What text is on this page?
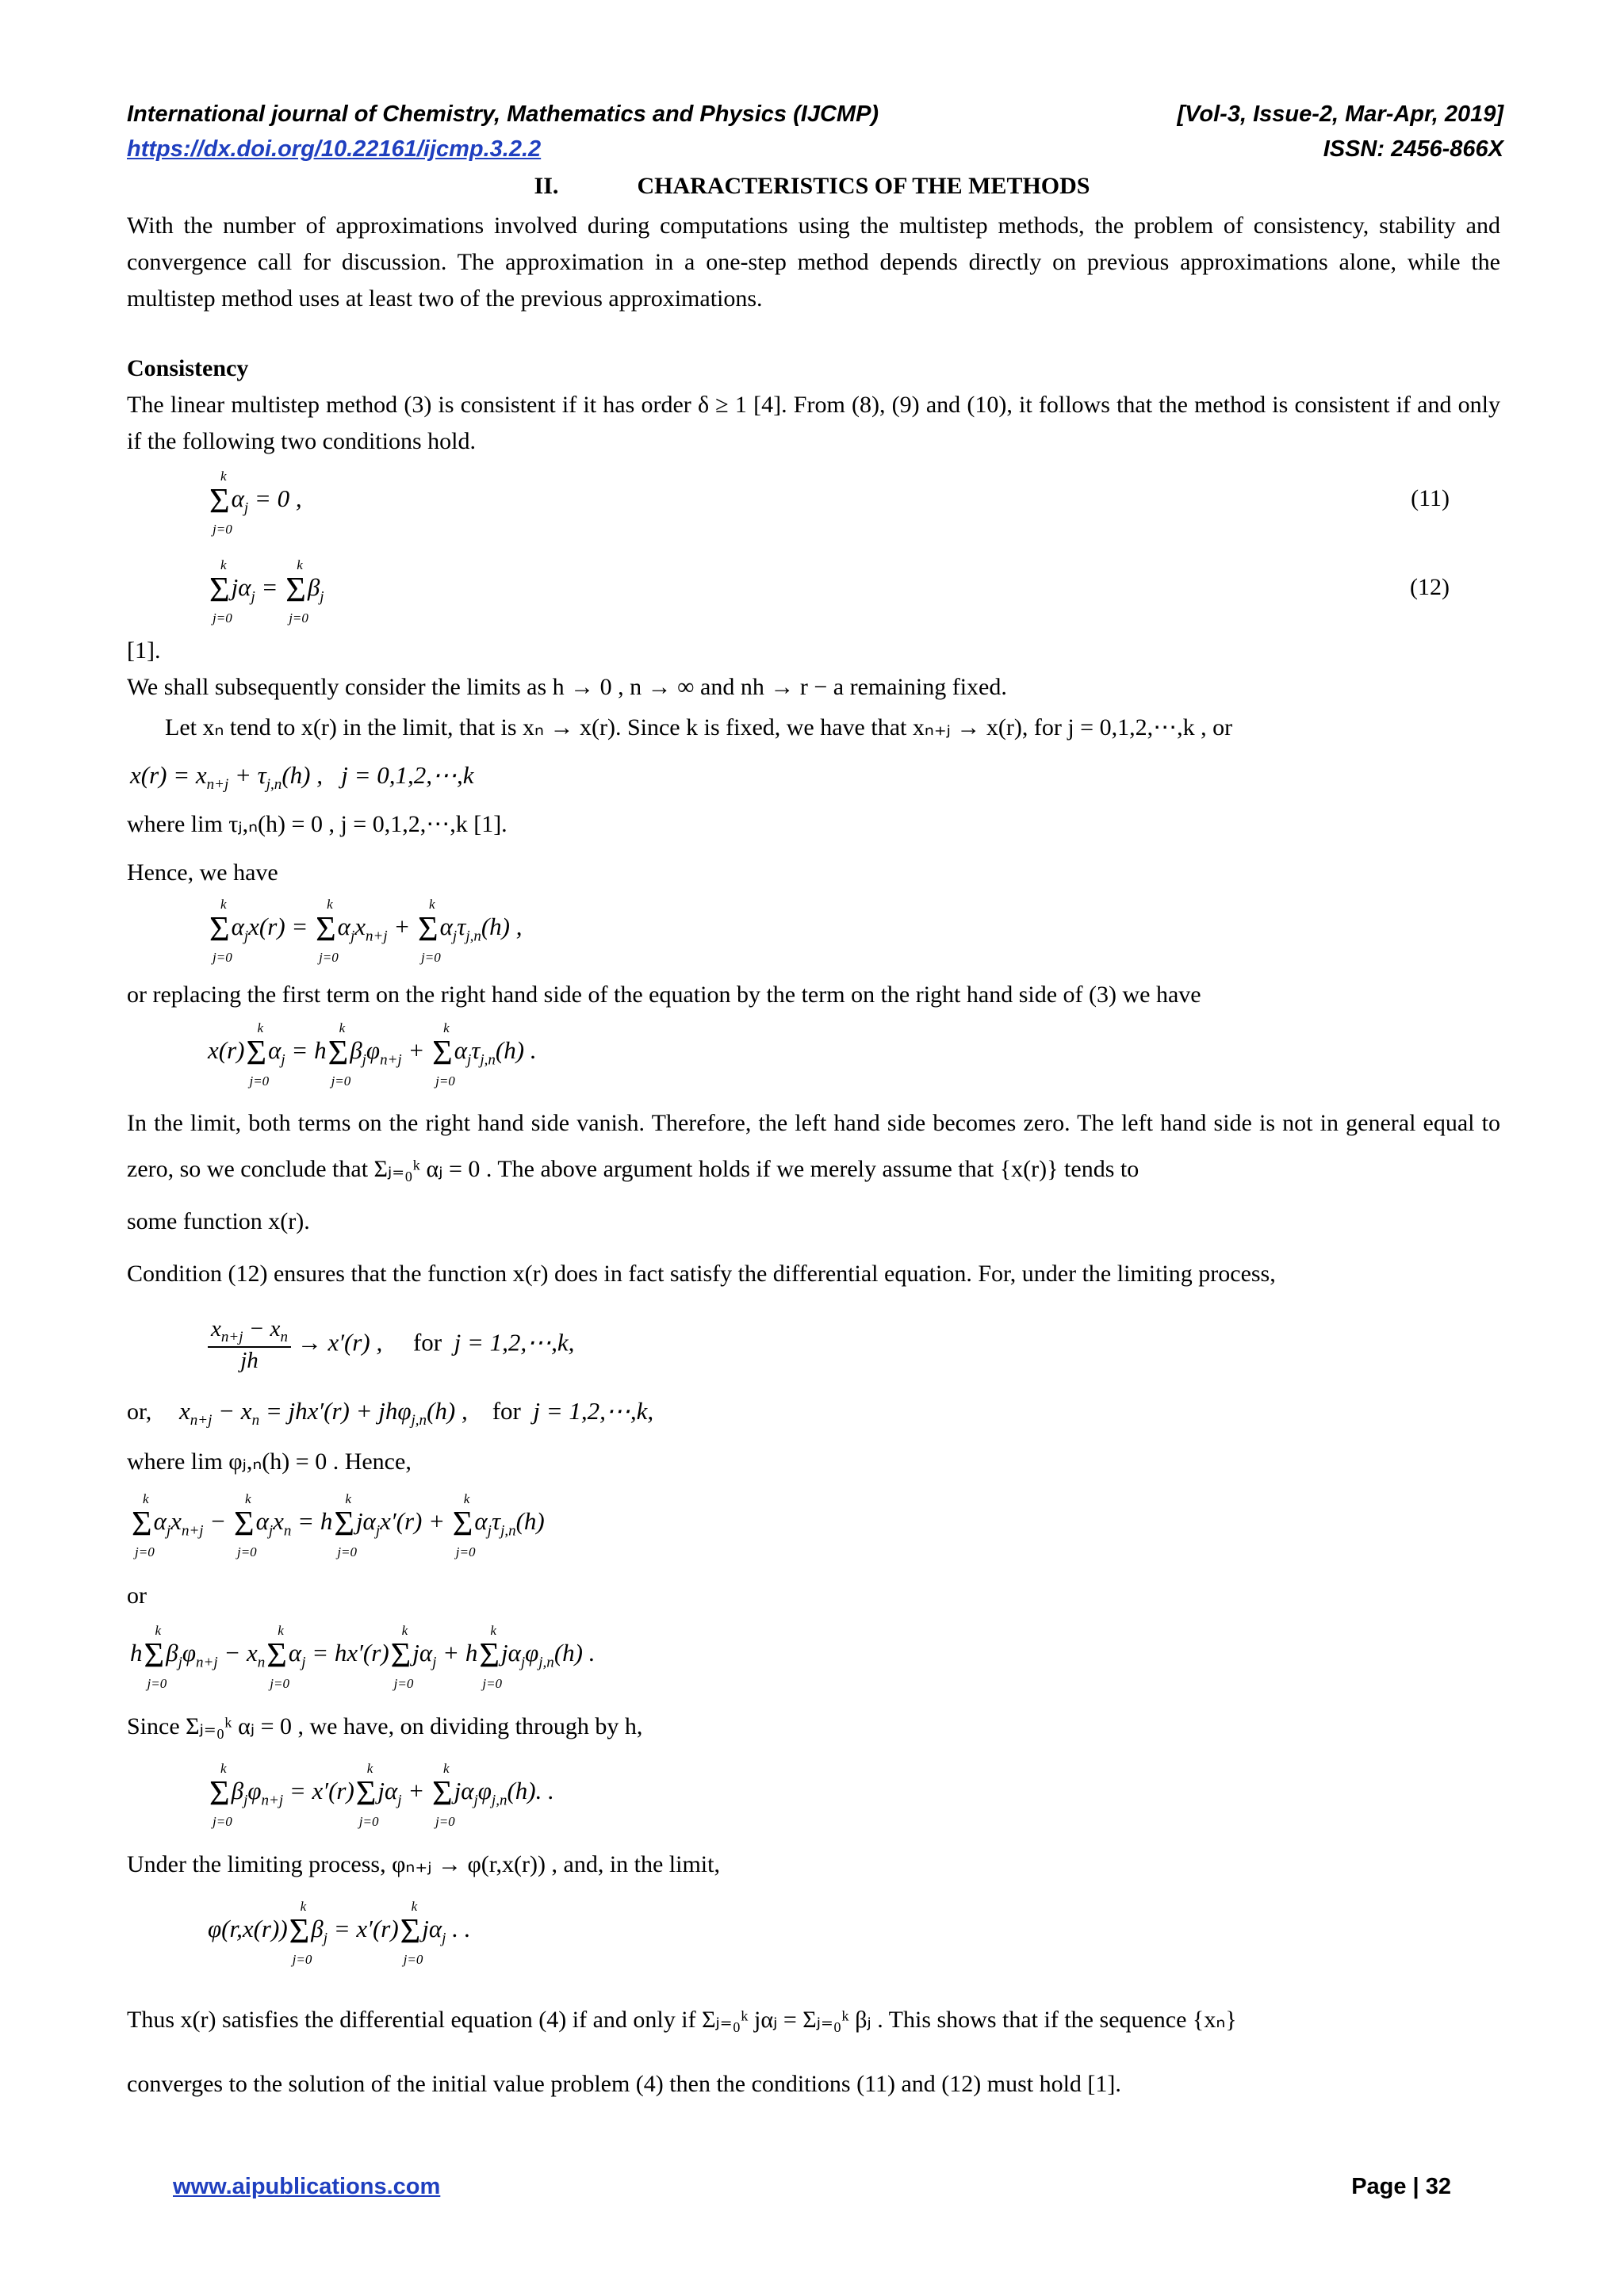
International journal of Chemistry, Mathematics and Physics (IJCMP)	[Vol-3, Issue-2, Mar-Apr, 2019]
https://dx.doi.org/10.22161/ijcmp.3.2.2	ISSN: 2456-866X
II.	CHARACTERISTICS OF THE METHODS

With the number of approximations involved during computations using the multistep methods, the problem of consistency, stability and convergence call for discussion. The approximation in a one-step method depends directly on previous approximations alone, while the multistep method uses at least two of the previous approximations.

Consistency

The linear multistep method (3) is consistent if it has order δ ≥ 1 [4]. From (8), (9) and (10), it follows that the method is consistent if and only if the following two conditions hold.

Σ
k
j=0
$\alpha_j = 0$ ,	(11)
Σ
k
j=0
$j\alpha_j = \Sigma$
k
j=0
$\beta_j$	(12)
[1].
We shall subsequently consider the limits as h → 0 , n → ∞ and nh → r − a remaining fixed.
Let xₙ tend to x(r) in the limit, that is xₙ → x(r). Since k is fixed, we have that xₙ₊ⱼ → x(r), for j = 0,1,2,⋯,k , or
$x(r) = x_{n+j} + \tau_{j,n}(h)$ ,   j = 0,1,2,⋯,k
where lim τⱼ,ₙ(h) = 0 , j = 0,1,2,⋯,k [1].
Hence, we have
Σ
k
j=0
$\alpha_jx(r) = \Sigma$
k
j=0
$\alpha_jx_{n+j} + \Sigma$
k
j=0
$\alpha_j\tau_{j,n}(h)$ ,
or replacing the first term on the right hand side of the equation by the term on the right hand side of (3) we have
x(r)Σ
k
j=0
$\alpha_j = h\Sigma$
k
j=0
$\beta_j\varphi_{n+j} + \Sigma$
k
j=0
$\alpha_j\tau_{j,n}(h)$ .

In the limit, both terms on the right hand side vanish. Therefore, the left hand side becomes zero. The left hand side is not in general equal to zero, so we conclude that Σⱼ₌₀ᵏ αⱼ = 0 . The above argument holds if we merely assume that {x(r)} tends to

some function x(r).
Condition (12) ensures that the function x(r) does in fact satisfy the differential equation. For, under the limiting process,
$\frac{x_{n+j} - x_n}{jh} \to x'(r)$ ,     for  j = 1,2,⋯,k,
or, $x_{n+j} - x_n = jhx'(r) + jh\varphi_{j,n}(h)$ ,    for  j = 1,2,⋯,k,
where lim φⱼ,ₙ(h) = 0 . Hence,
Σ
k
j=0
$\alpha_jx_{n+j} - \Sigma$
k
j=0
$\alpha_jx_n = h\Sigma$
k
j=0
$j\alpha_jx'(r) + \Sigma$
k
j=0
$\alpha_j\tau_{j,n}(h)$
or
hΣ
k
j=0
$\beta_j\varphi_{n+j} - x_n\Sigma$
k
j=0
$\alpha_j = hx'(r)\Sigma$
k
j=0
$j\alpha_j + h\Sigma$
k
j=0
$j\alpha_j\varphi_{j,n}(h)$ .
Since Σⱼ₌₀ᵏ αⱼ = 0 , we have, on dividing through by h,
Σ
k
j=0
$\beta_j\varphi_{n+j} = x'(r)\Sigma$
k
j=0
$j\alpha_j + \Sigma$
k
j=0
$j\alpha_j\varphi_{j,n}(h)$. .
Under the limiting process, φₙ₊ⱼ → φ(r,x(r)) , and, in the limit,
φ(r,x(r))Σ
k
j=0
$\beta_j = x'(r)\Sigma$
k
j=0
$j\alpha_j$ . .
Thus x(r) satisfies the differential equation (4) if and only if Σⱼ₌₀ᵏ jαⱼ = Σⱼ₌₀ᵏ βⱼ . This shows that if the sequence {xₙ}
converges to the solution of the initial value problem (4) then the conditions (11) and (12) must hold [1].
www.aipublications.com	Page | 32
